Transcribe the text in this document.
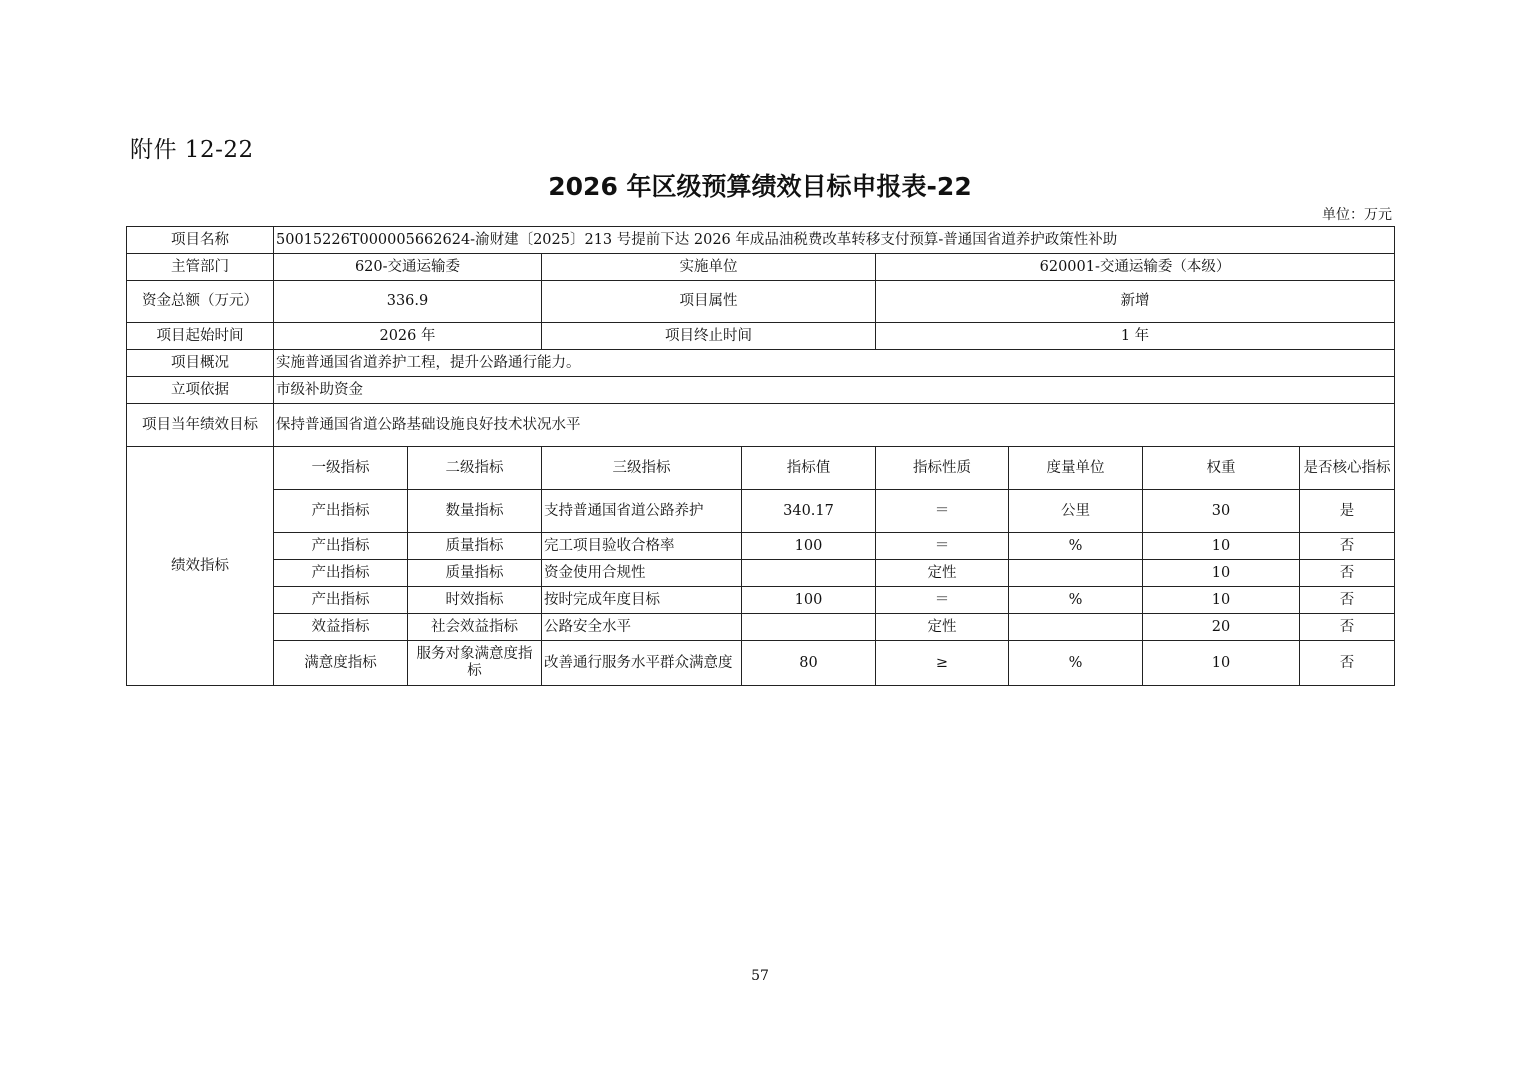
附件 12-22
2026 年区级预算绩效目标申报表-22
单位：万元
项目名称	50015226T000005662624-渝财建〔2025〕213 号提前下达 2026 年成品油税费改革转移支付预算-普通国省道养护政策性补助							
主管部门	620-交通运输委		实施单位		620001-交通运输委（本级）			
资金总额（万元）	336.9		项目属性		新增			
项目起始时间	2026 年		项目终止时间		1 年			
项目概况	实施普通国省道养护工程，提升公路通行能力。							
立项依据	市级补助资金							
项目当年绩效目标	保持普通国省道公路基础设施良好技术状况水平							
绩效指标	一级指标	二级指标	三级指标	指标值	指标性质	度量单位	权重	是否核心指标
	产出指标	数量指标	支持普通国省道公路养护	340.17	＝	公里	30	是
	产出指标	质量指标	完工项目验收合格率	100	＝	%	10	否
	产出指标	质量指标	资金使用合规性		定性		10	否
	产出指标	时效指标	按时完成年度目标	100	＝	%	10	否
	效益指标	社会效益指标	公路安全水平		定性		20	否
	满意度指标	服务对象满意度指标	改善通行服务水平群众满意度	80	≥	%	10	否
57
